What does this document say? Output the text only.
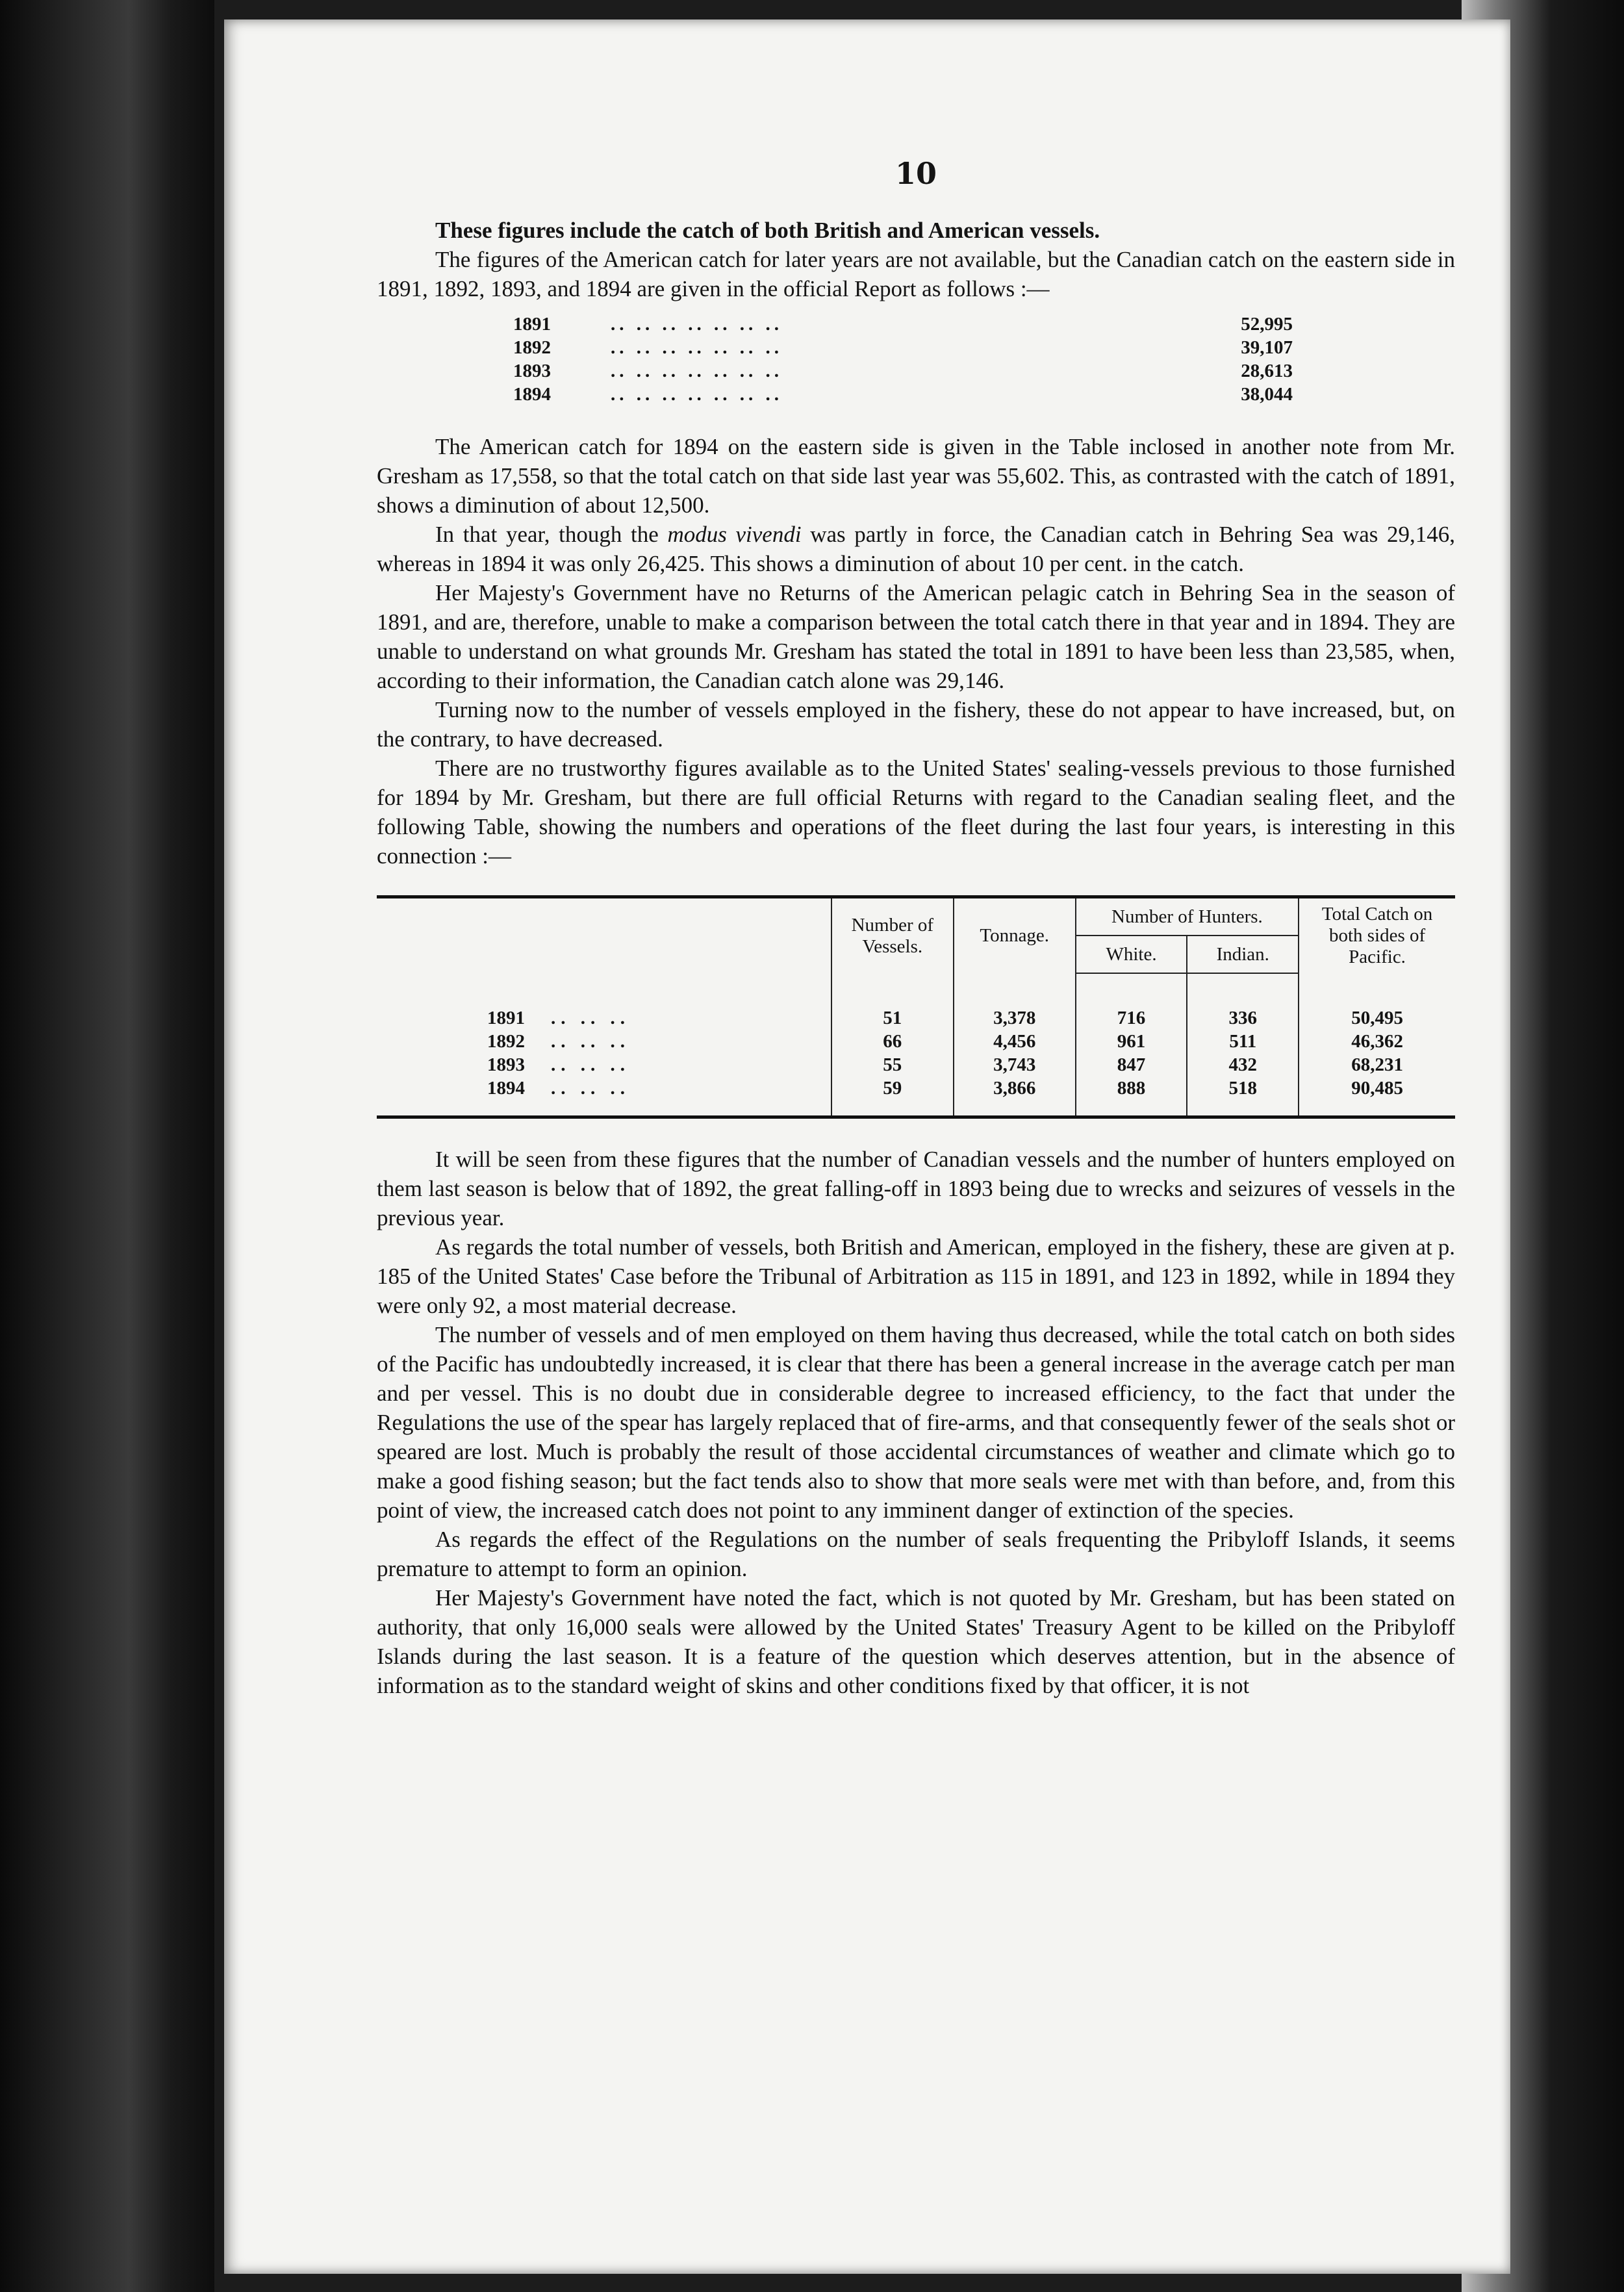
10

These figures include the catch of both British and American vessels.

The figures of the American catch for later years are not available, but the Canadian catch on the eastern side in 1891, 1892, 1893, and 1894 are given in the official Report as follows :—

1891	.. .. .. .. .. .. ..	52,995
1892	.. .. .. .. .. .. ..	39,107
1893	.. .. .. .. .. .. ..	28,613
1894	.. .. .. .. .. .. ..	38,044

The American catch for 1894 on the eastern side is given in the Table inclosed in another note from Mr. Gresham as 17,558, so that the total catch on that side last year was 55,602. This, as contrasted with the catch of 1891, shows a diminution of about 12,500.

In that year, though the modus vivendi was partly in force, the Canadian catch in Behring Sea was 29,146, whereas in 1894 it was only 26,425. This shows a diminution of about 10 per cent. in the catch.

Her Majesty's Government have no Returns of the American pelagic catch in Behring Sea in the season of 1891, and are, therefore, unable to make a comparison between the total catch there in that year and in 1894. They are unable to understand on what grounds Mr. Gresham has stated the total in 1891 to have been less than 23,585, when, according to their information, the Canadian catch alone was 29,146.

Turning now to the number of vessels employed in the fishery, these do not appear to have increased, but, on the contrary, to have decreased.

There are no trustworthy figures available as to the United States' sealing-vessels previous to those furnished for 1894 by Mr. Gresham, but there are full official Returns with regard to the Canadian sealing fleet, and the following Table, showing the numbers and operations of the fleet during the last four years, is interesting in this connection :—

	Number of Vessels.	Tonnage.	Number of Hunters.		Total Catch on both sides of Pacific.
			White.	Indian.	
1891 .. .. ..	51	3,378	716	336	50,495
1892 .. .. ..	66	4,456	961	511	46,362
1893 .. .. ..	55	3,743	847	432	68,231
1894 .. .. ..	59	3,866	888	518	90,485

It will be seen from these figures that the number of Canadian vessels and the number of hunters employed on them last season is below that of 1892, the great falling-off in 1893 being due to wrecks and seizures of vessels in the previous year.

As regards the total number of vessels, both British and American, employed in the fishery, these are given at p. 185 of the United States' Case before the Tribunal of Arbitration as 115 in 1891, and 123 in 1892, while in 1894 they were only 92, a most material decrease.

The number of vessels and of men employed on them having thus decreased, while the total catch on both sides of the Pacific has undoubtedly increased, it is clear that there has been a general increase in the average catch per man and per vessel. This is no doubt due in considerable degree to increased efficiency, to the fact that under the Regulations the use of the spear has largely replaced that of fire-arms, and that consequently fewer of the seals shot or speared are lost. Much is probably the result of those accidental circumstances of weather and climate which go to make a good fishing season; but the fact tends also to show that more seals were met with than before, and, from this point of view, the increased catch does not point to any imminent danger of extinction of the species.

As regards the effect of the Regulations on the number of seals frequenting the Pribyloff Islands, it seems premature to attempt to form an opinion.

Her Majesty's Government have noted the fact, which is not quoted by Mr. Gresham, but has been stated on authority, that only 16,000 seals were allowed by the United States' Treasury Agent to be killed on the Pribyloff Islands during the last season. It is a feature of the question which deserves attention, but in the absence of information as to the standard weight of skins and other conditions fixed by that officer, it is not
